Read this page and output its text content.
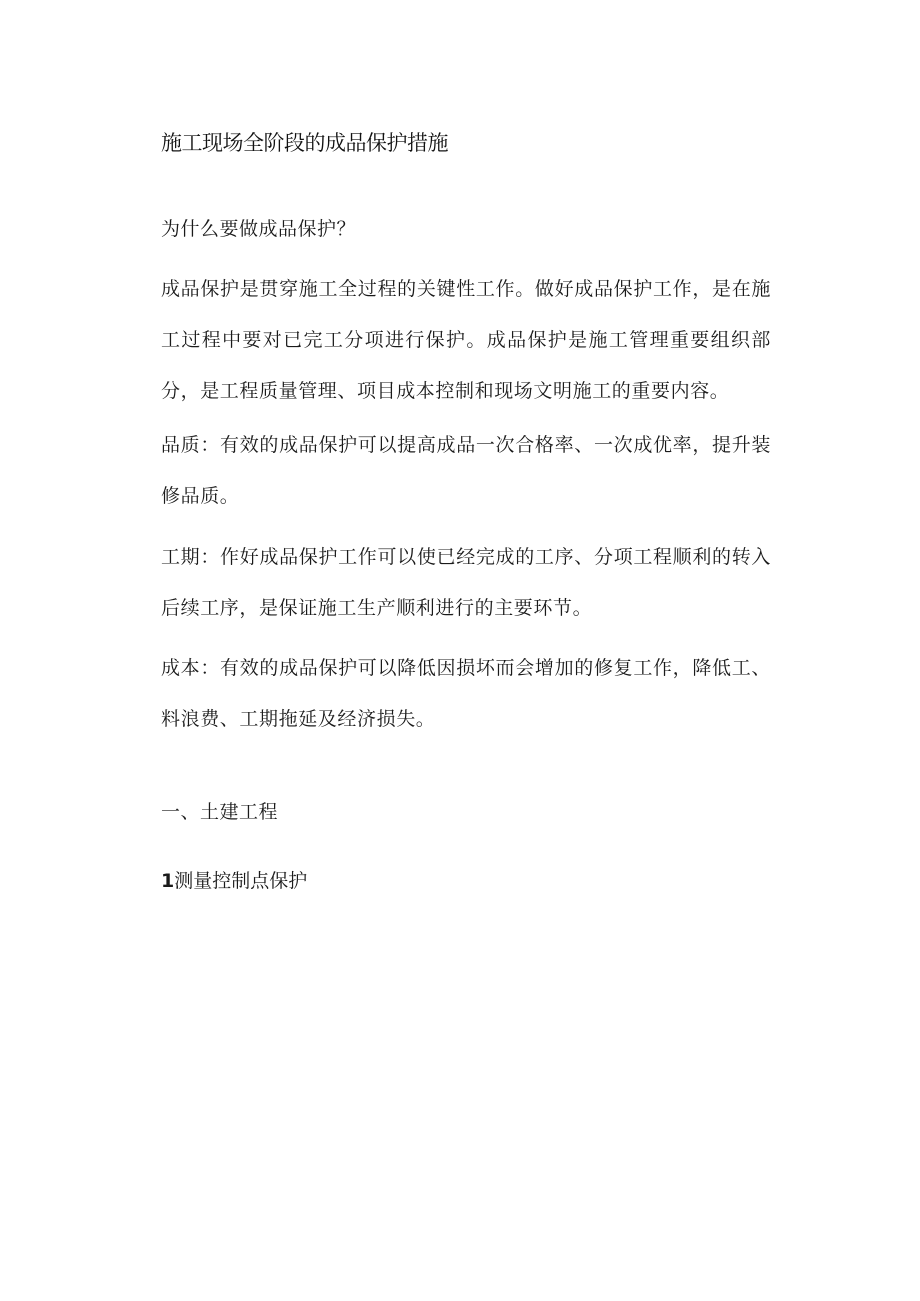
施工现场全阶段的成品保护措施

为什么要做成品保护？

成品保护是贯穿施工全过程的关键性工作。做好成品保护工作，是在施工过程中要对已完工分项进行保护。成品保护是施工管理重要组织部分，是工程质量管理、项目成本控制和现场文明施工的重要内容。

品质：有效的成品保护可以提高成品一次合格率、一次成优率，提升装修品质。

工期：作好成品保护工作可以使已经完成的工序、分项工程顺利的转入后续工序，是保证施工生产顺利进行的主要环节。

成本：有效的成品保护可以降低因损坏而会增加的修复工作，降低工、料浪费、工期拖延及经济损失。

一、土建工程
1测量控制点保护
